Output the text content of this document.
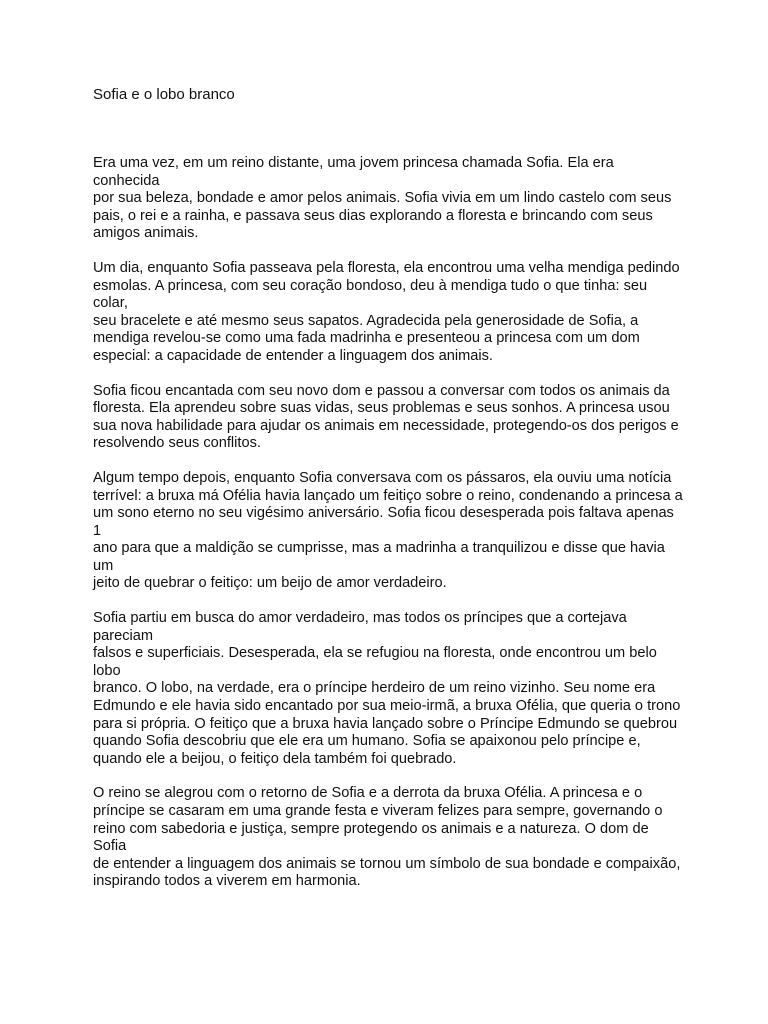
Sofia e o lobo branco

Era uma vez, em um reino distante, uma jovem princesa chamada Sofia. Ela era conhecida
por sua beleza, bondade e amor pelos animais. Sofia vivia em um lindo castelo com seus
pais, o rei e a rainha, e passava seus dias explorando a floresta e brincando com seus
amigos animais.

Um dia, enquanto Sofia passeava pela floresta, ela encontrou uma velha mendiga pedindo
esmolas. A princesa, com seu coração bondoso, deu à mendiga tudo o que tinha: seu colar,
seu bracelete e até mesmo seus sapatos. Agradecida pela generosidade de Sofia, a
mendiga revelou-se como uma fada madrinha e presenteou a princesa com um dom
especial: a capacidade de entender a linguagem dos animais.

Sofia ficou encantada com seu novo dom e passou a conversar com todos os animais da
floresta. Ela aprendeu sobre suas vidas, seus problemas e seus sonhos. A princesa usou
sua nova habilidade para ajudar os animais em necessidade, protegendo-os dos perigos e
resolvendo seus conflitos.

Algum tempo depois, enquanto Sofia conversava com os pássaros, ela ouviu uma notícia
terrível: a bruxa má Ofélia havia lançado um feitiço sobre o reino, condenando a princesa a
um sono eterno no seu vigésimo aniversário. Sofia ficou desesperada pois faltava apenas 1
ano para que a maldição se cumprisse, mas a madrinha a tranquilizou e disse que havia um
jeito de quebrar o feitiço: um beijo de amor verdadeiro.

Sofia partiu em busca do amor verdadeiro, mas todos os príncipes que a cortejava pareciam
falsos e superficiais. Desesperada, ela se refugiou na floresta, onde encontrou um belo lobo
branco. O lobo, na verdade, era o príncipe herdeiro de um reino vizinho. Seu nome era
Edmundo e ele havia sido encantado por sua meio-irmã, a bruxa Ofélia, que queria o trono
para si própria. O feitiço que a bruxa havia lançado sobre o Príncipe Edmundo se quebrou
quando Sofia descobriu que ele era um humano. Sofia se apaixonou pelo príncipe e,
quando ele a beijou, o feitiço dela também foi quebrado.

O reino se alegrou com o retorno de Sofia e a derrota da bruxa Ofélia. A princesa e o
príncipe se casaram em uma grande festa e viveram felizes para sempre, governando o
reino com sabedoria e justiça, sempre protegendo os animais e a natureza. O dom de Sofia
de entender a linguagem dos animais se tornou um símbolo de sua bondade e compaixão,
inspirando todos a viverem em harmonia.
